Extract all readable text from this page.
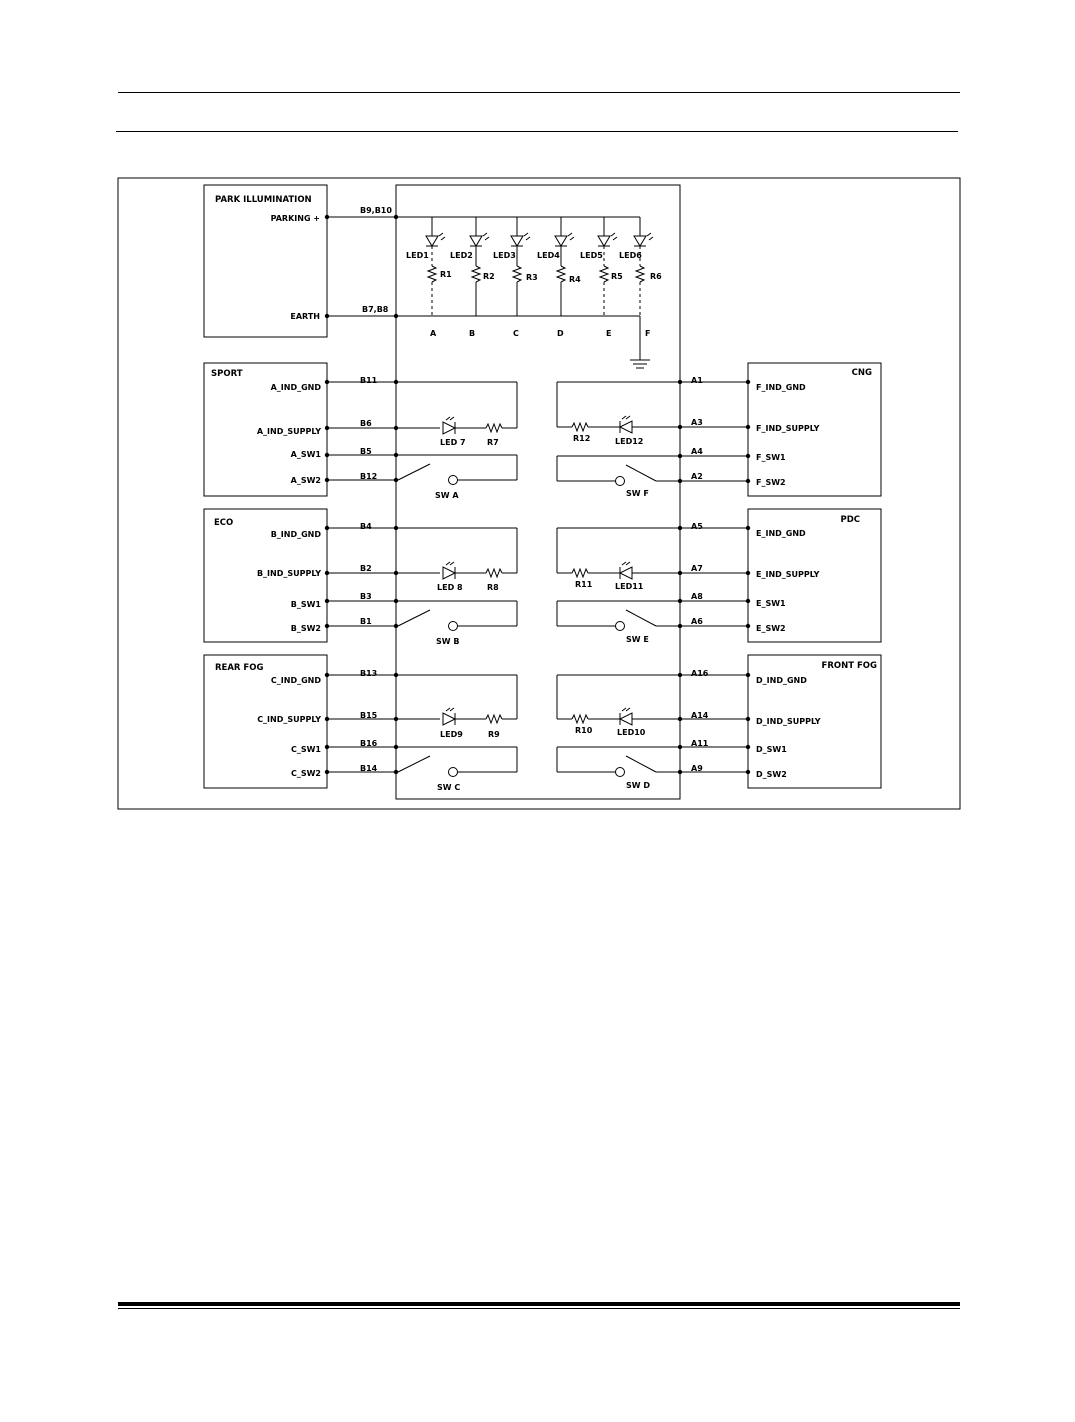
PARK ILLUMINATION
PARKING +
EARTH
B9,B10
B7,B8
LED1
R1
A
LED2
R2
B
LED3
R3
C
LED4
R4
D
LED5
R5
E
LED6
R6
F
SPORT
A_IND_GND
A_IND_SUPPLY
A_SW1
A_SW2
B11
B6
B5
B12
LED 7	R7
SW A
ECO
B_IND_GND
B_IND_SUPPLY
B_SW1
B_SW2
B4
B2
B3
B1
LED 8	R8
SW B
REAR FOG
C_IND_GND
C_IND_SUPPLY
C_SW1
C_SW2
B13
B15
B16
B14
LED9	R9
SW C
CNG
F_IND_GND
F_IND_SUPPLY
F_SW1
F_SW2
A1
A3
A4
A2
LED12
R12
SW F
PDC
E_IND_GND
E_IND_SUPPLY
E_SW1
E_SW2
A5
A7
A8
A6
LED11
R11
SW E
FRONT FOG
D_IND_GND
D_IND_SUPPLY
D_SW1
D_SW2
A16
A14
A11
A9
LED10
R10
SW D
